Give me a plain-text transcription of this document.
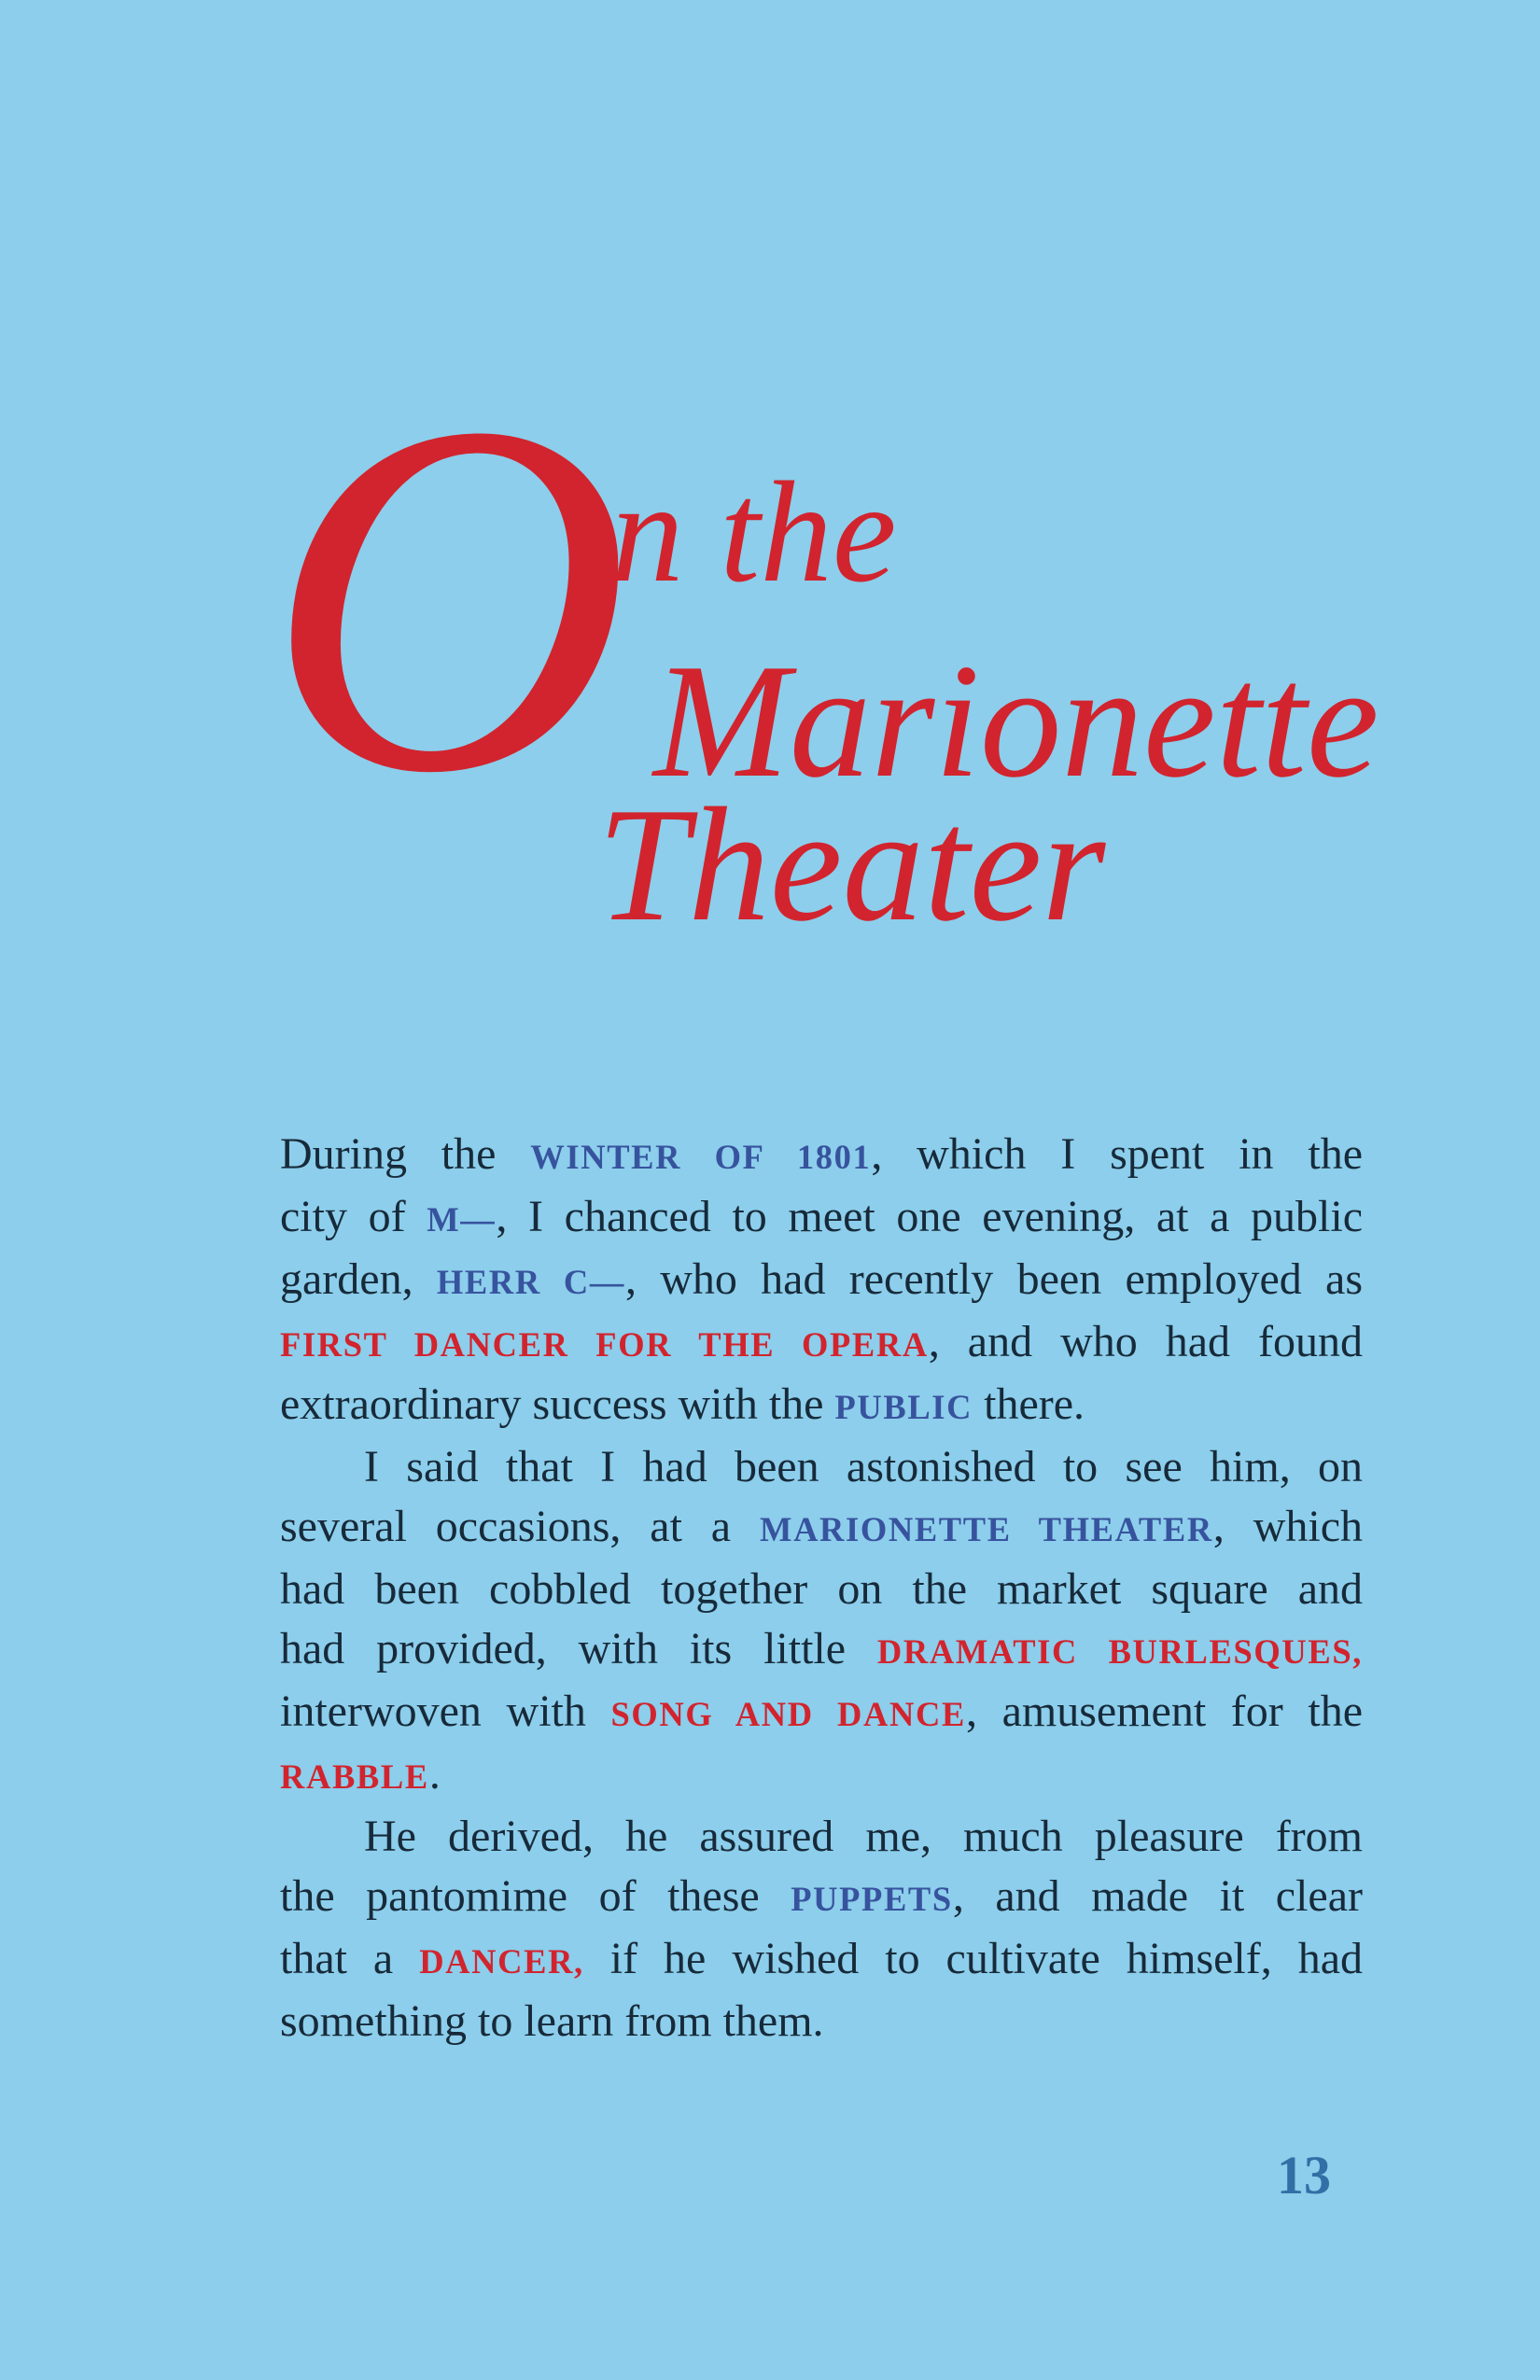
O
n the
Marionette
Theater
During the WINTER OF 1801, which I spent in the
city of M—, I chanced to meet one evening, at a public
garden, HERR C—, who had recently been employed as
FIRST DANCER FOR THE OPERA, and who had found
extraordinary success with the PUBLIC there.
I said that I had been astonished to see him, on
several occasions, at a MARIONETTE THEATER, which
had been cobbled together on the market square and
had provided, with its little DRAMATIC BURLESQUES,
interwoven with SONG AND DANCE, amusement for the
RABBLE.
He derived, he assured me, much pleasure from
the pantomime of these PUPPETS, and made it clear
that a DANCER, if he wished to cultivate himself, had
something to learn from them.
13
